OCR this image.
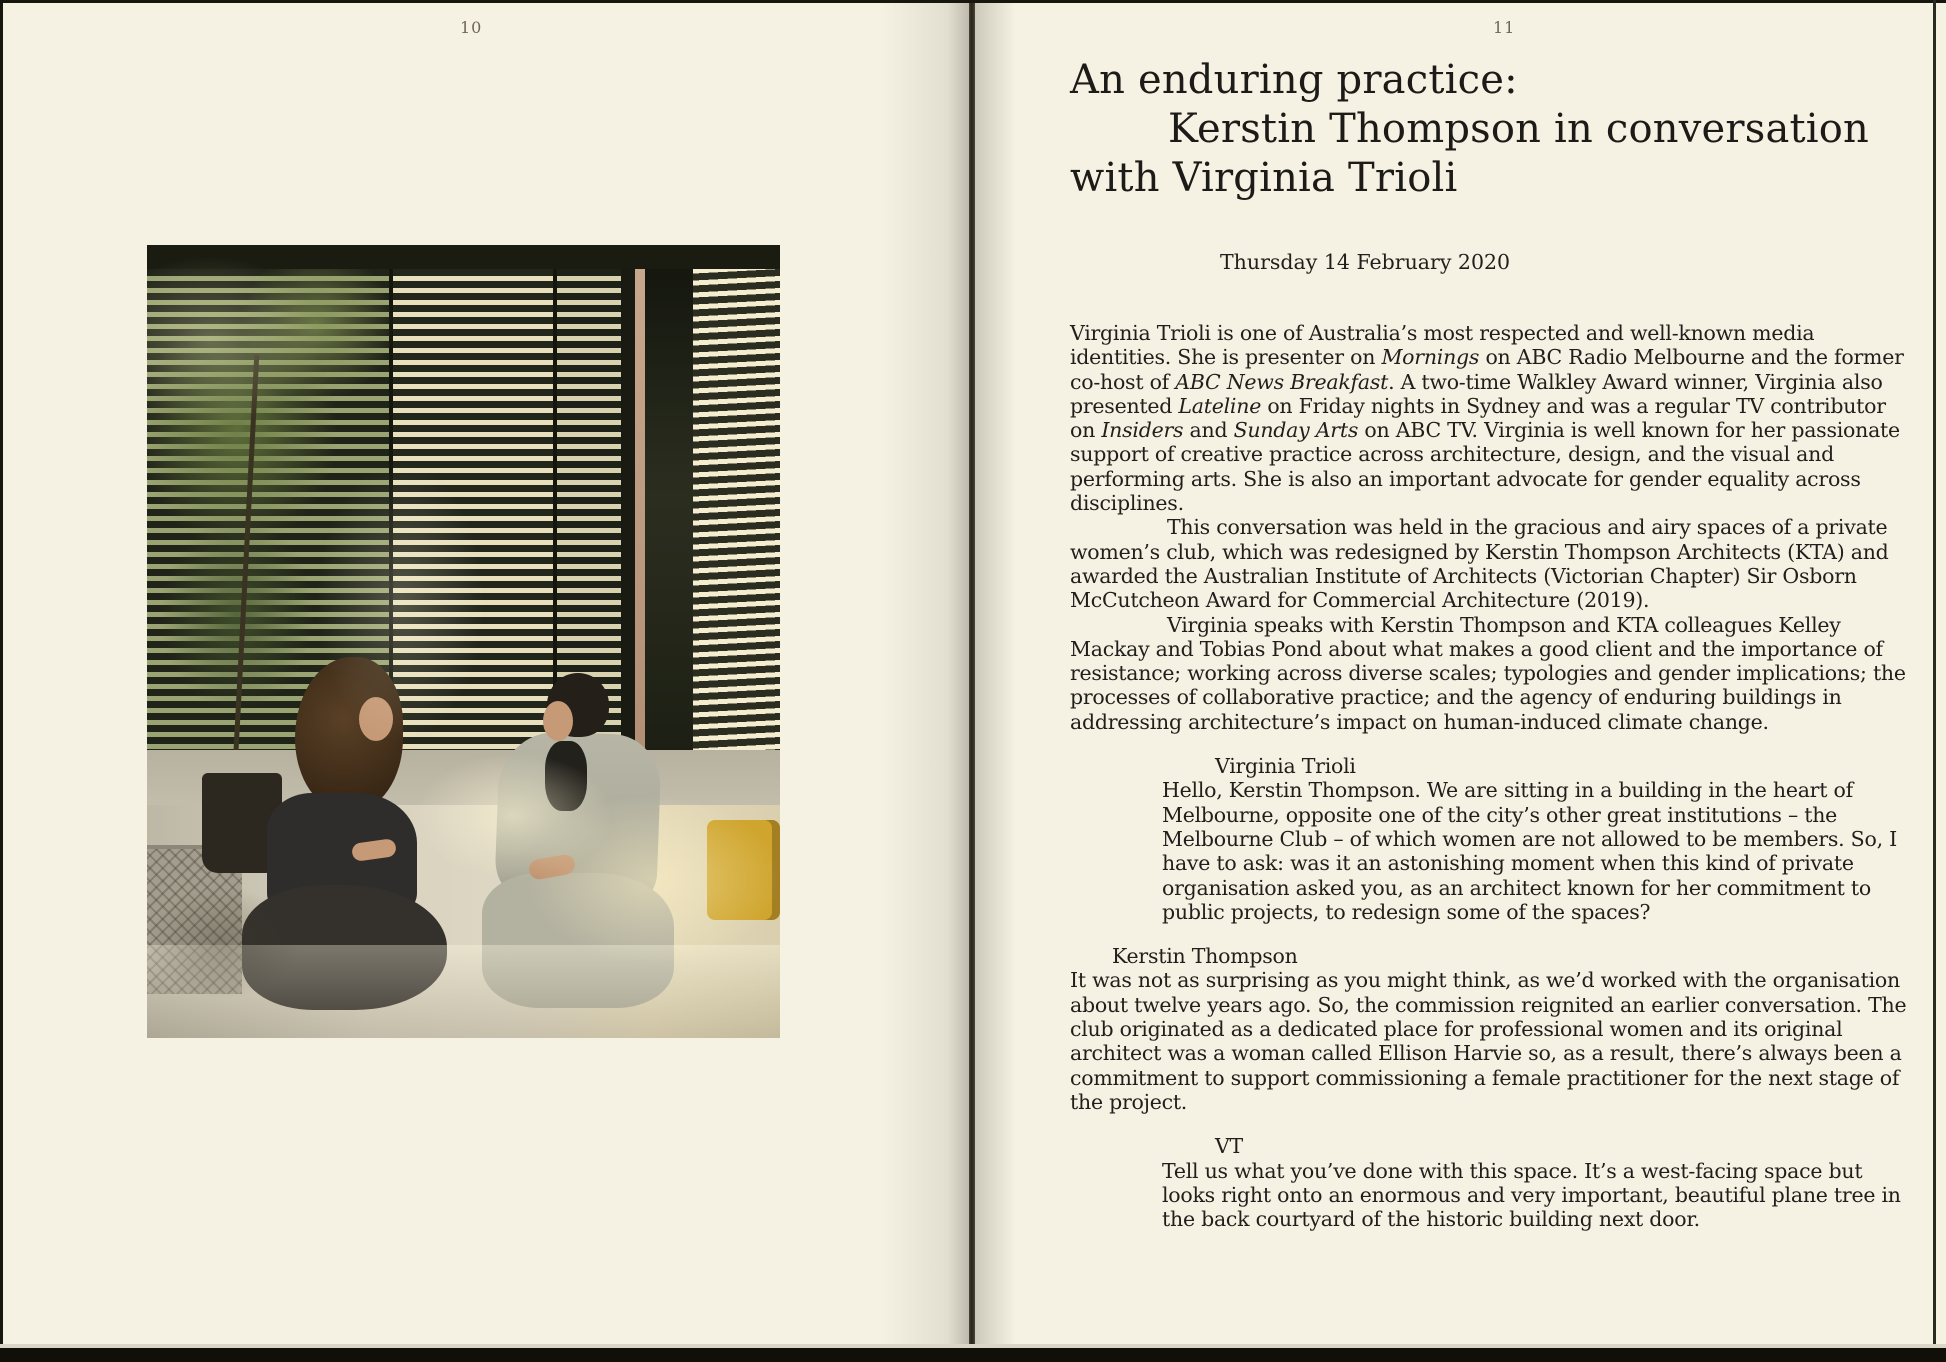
10	11
An enduring practice:
Kerstin Thompson in conversation
with Virginia Trioli
Thursday 14 February 2020

Virginia Trioli is one of Australia’s most respected and well-known media identities. She is presenter on Mornings on ABC Radio Melbourne and the former co-host of ABC News Breakfast. A two-time Walkley Award winner, Virginia also presented Lateline on Friday nights in Sydney and was a regular TV contributor on Insiders and Sunday Arts on ABC TV. Virginia is well known for her passionate support of creative practice across architecture, design, and the visual and performing arts. She is also an important advocate for gender equality across disciplines.

This conversation was held in the gracious and airy spaces of a private women’s club, which was redesigned by Kerstin Thompson Architects (KTA) and awarded the Australian Institute of Architects (Victorian Chapter) Sir Osborn McCutcheon Award for Commercial Architecture (2019).

Virginia speaks with Kerstin Thompson and KTA colleagues Kelley Mackay and Tobias Pond about what makes a good client and the importance of resistance; working across diverse scales; typologies and gender implications; the processes of collaborative practice; and the agency of enduring buildings in addressing architecture’s impact on human-induced climate change.

Virginia Trioli

Hello, Kerstin Thompson. We are sitting in a building in the heart of Melbourne, opposite one of the city’s other great institutions – the Melbourne Club – of which women are not allowed to be members. So, I have to ask: was it an astonishing moment when this kind of private organisation asked you, as an architect known for her commitment to public projects, to redesign some of the spaces?

Kerstin Thompson

It was not as surprising as you might think, as we’d worked with the organisation about twelve years ago. So, the commission reignited an earlier conversation. The club originated as a dedicated place for professional women and its original architect was a woman called Ellison Harvie so, as a result, there’s always been a commitment to support commissioning a female practitioner for the next stage of the project.

VT

Tell us what you’ve done with this space. It’s a west-facing space but looks right onto an enormous and very important, beautiful plane tree in the back courtyard of the historic building next door.
